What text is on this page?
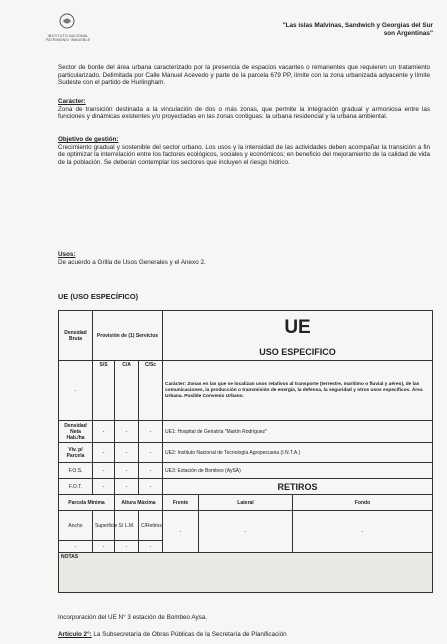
INSTITUTO NACIONAL PATRIMONIO INMUEBLE
"Las islas Malvinas, Sandwich y Georgias del Sur son Argentinas"
Sector de borde del área urbana caracterizado por la presencia de espacios vacantes o remanentes que requieren un tratamiento particularizado. Delimitada por Calle Manuel Acevedo y parte de la parcela 679 PP, límite con la zona urbanizada adyacente y límite Sudeste con el partido de Hurlingham.
Carácter:
Zona de transición destinada a la vinculación de dos o más zonas, que permite la integración gradual y armoniosa entre las funciones y dinámicas existentes y/o proyectadas en las zonas contiguas: la urbana residencial y la urbana ambiental.
Objetivo de gestión:
Crecimiento gradual y sostenible del sector urbano. Los usos y la intensidad de las actividades deben acompañar la transición a fin de optimizar la interrelación entre los factores ecológicos, sociales y económicos; en beneficio del mejoramiento de la calidad de vida de la población. Se deberán contemplar los sectores que incluyen el riesgo hídrico.
Usos:
De acuerdo a Grilla de Usos Generales y el Anexo 2.
UE (USO ESPECÍFICO)
Densidad Bruta	Provisión de (1) Servicios			UE		
				USO ESPECIFICO		
-	S/S	C/A	C/Sc	Carácter: Zonas en las que se localizan usos relativos al transporte (terrestre, marítimo o fluvial y aéreo), de las comunicaciones, la producción o transmisión de energía, la defensa, la seguridad y otros usos específicos. Área Urbana. Posible Convenio Urbano.		
Densidad Neta Hab./ha	-	-	-	UE1: Hospital de Geriatría "Martín Rodríguez"		
Viv. p/ Parcela	-	-	-	UE2: Instituto Nacional de Tecnología Agropecuaria (I.N.T.A.)		
F.O.S.	-	-	-	UE3: Estación de Bombeo (AySA)		
F.O.T.	-	-	-	RETIROS		
Parcela Mínima		Altura Máxima		Frente	Lateral	Fondo
Ancho	Superficie	S/ L.M.	C/Retiros	-	-	-
-	-	-	-			
NOTAS						
Incorporación del UE N° 3 estación de Bombeo Aysa.
Artículo 2°: La Subsecretaría de Obras Públicas de la Secretaría de Planificación
